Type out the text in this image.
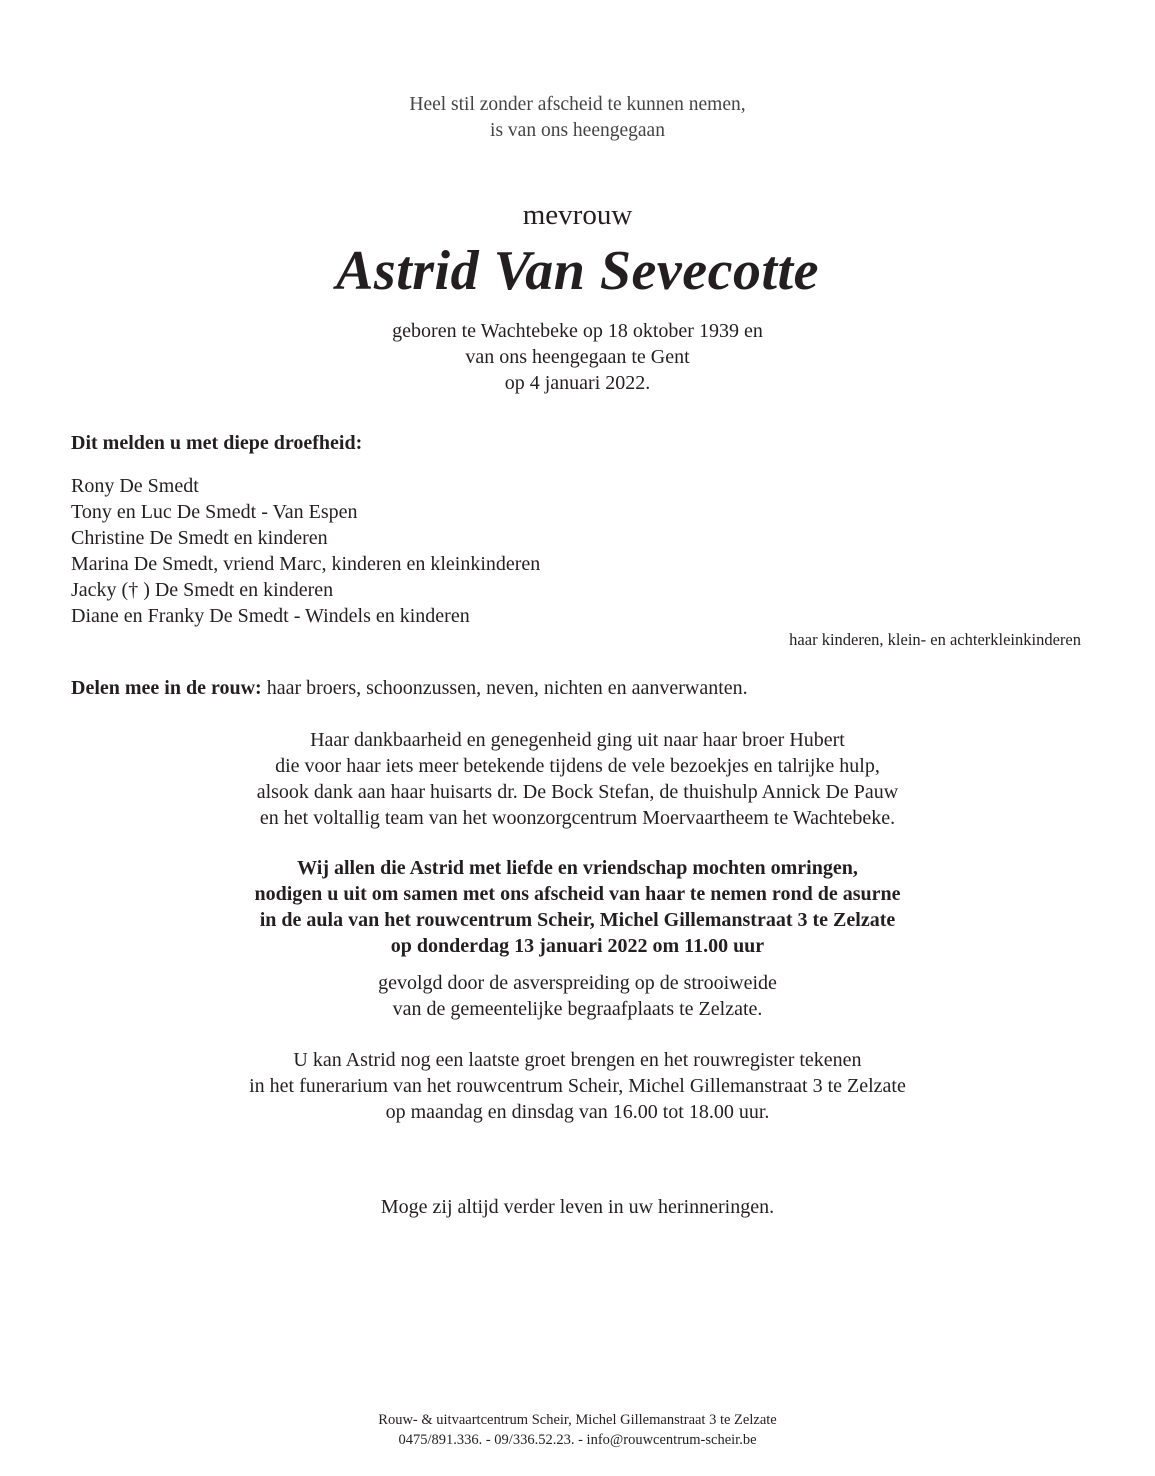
Heel stil zonder afscheid te kunnen nemen,
is van ons heengegaan
mevrouw
Astrid Van Sevecotte
geboren te Wachtebeke op 18 oktober 1939 en
van ons heengegaan te Gent
op 4 januari 2022.
Dit melden u met diepe droefheid:
Rony De Smedt
Tony en Luc De Smedt - Van Espen
Christine De Smedt en kinderen
Marina De Smedt, vriend Marc, kinderen en kleinkinderen
Jacky († ) De Smedt en kinderen
Diane en Franky De Smedt - Windels en kinderen
haar kinderen, klein- en achterkleinkinderen
Delen mee in de rouw: haar broers, schoonzussen, neven, nichten en aanverwanten.
Haar dankbaarheid en genegenheid ging uit naar haar broer Hubert
die voor haar iets meer betekende tijdens de vele bezoekjes en talrijke hulp,
alsook dank aan haar huisarts dr. De Bock Stefan, de thuishulp Annick De Pauw
en het voltallig team van het woonzorgcentrum Moervaartheem te Wachtebeke.
Wij allen die Astrid met liefde en vriendschap mochten omringen,
nodigen u uit om samen met ons afscheid van haar te nemen rond de asurne
in de aula van het rouwcentrum Scheir, Michel Gillemanstraat 3 te Zelzate
op donderdag 13 januari 2022 om 11.00 uur
gevolgd door de asverspreiding op de strooiweide
van de gemeentelijke begraafplaats te Zelzate.
U kan Astrid nog een laatste groet brengen en het rouwregister tekenen
in het funerarium van het rouwcentrum Scheir, Michel Gillemanstraat 3 te Zelzate
op maandag en dinsdag van 16.00 tot 18.00 uur.
Moge zij altijd verder leven in uw herinneringen.
Rouw- & uitvaartcentrum Scheir, Michel Gillemanstraat 3 te Zelzate
0475/891.336. - 09/336.52.23. - info@rouwcentrum-scheir.be
